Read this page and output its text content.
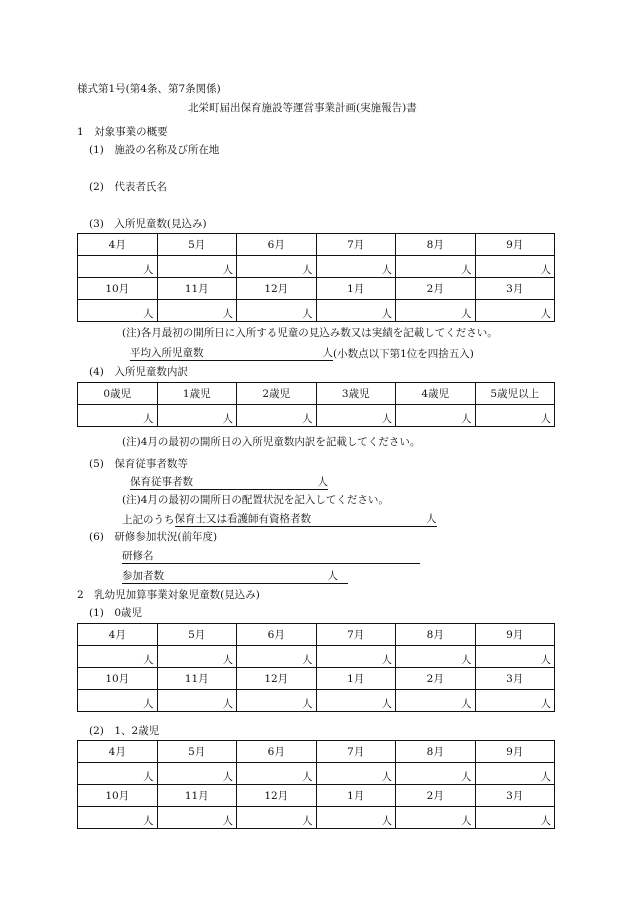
様式第1号(第4条、第7条関係)
北栄町届出保育施設等運営事業計画(実施報告)書
1　対象事業の概要
(1)　施設の名称及び所在地
(2)　代表者氏名
(3)　入所児童数(見込み)
4月	5月	6月	7月	8月	9月
人	人	人	人	人	人
10月	11月	12月	1月	2月	3月
人	人	人	人	人	人
(注)各月最初の開所日に入所する児童の見込み数又は実績を記載してください。
平均入所児童数	人 (小数点以下第1位を四捨五入)
(4)　入所児童数内訳
0歳児	1歳児	2歳児	3歳児	4歳児	5歳児以上
人	人	人	人	人	人
(注)4月の最初の開所日の入所児童数内訳を記載してください。
(5)　保育従事者数等
保育従事者数	人
(注)4月の最初の開所日の配置状況を記入してください。
上記のうち保育士又は看護師有資格者数	人
(6)　研修参加状況(前年度)
研修名
参加者数	人
2　乳幼児加算事業対象児童数(見込み)
(1)　0歳児
4月	5月	6月	7月	8月	9月
人	人	人	人	人	人
10月	11月	12月	1月	2月	3月
人	人	人	人	人	人
(2)　1、2歳児
4月	5月	6月	7月	8月	9月
人	人	人	人	人	人
10月	11月	12月	1月	2月	3月
人	人	人	人	人	人
